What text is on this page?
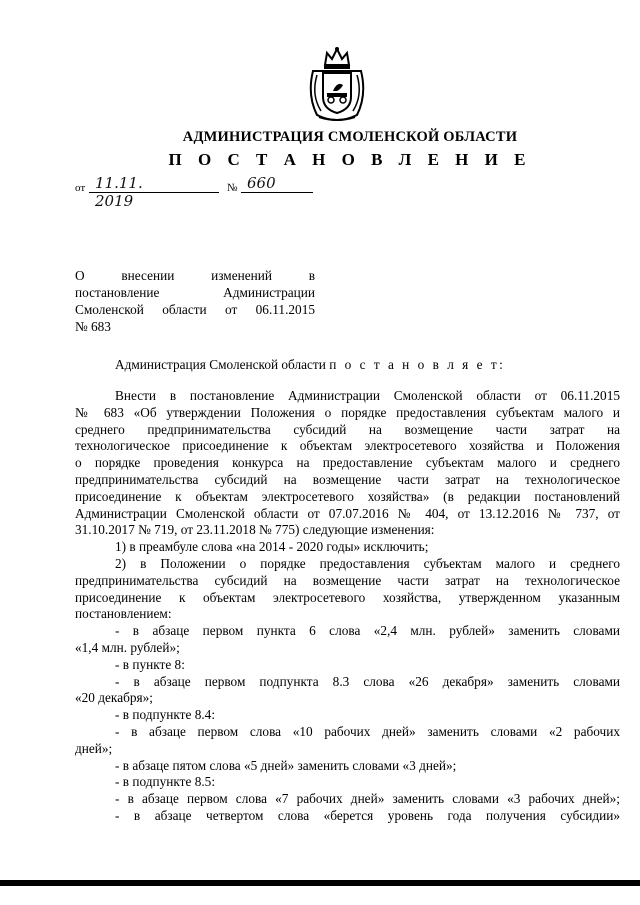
АДМИНИСТРАЦИЯ СМОЛЕНСКОЙ ОБЛАСТИ
П О С Т А Н О В Л Е Н И Е
от 11.11. 2019
№ 660
О	внесении	изменений	в
постановление	Администрации
Смоленской области от 06.11.2015
№ 683
Администрация Смоленской области п о с т а н о в л я е т:
Внести в постановление Администрации Смоленской области от 06.11.2015
№ 683 «Об утверждении Положения о порядке предоставления субъектам малого и
среднего предпринимательства субсидий на возмещение части затрат на
технологическое присоединение к объектам электросетевого хозяйства и Положения
о порядке проведения конкурса на предоставление субъектам малого и среднего
предпринимательства субсидий на возмещение части затрат на технологическое
присоединение к объектам электросетевого хозяйства» (в редакции постановлений
Администрации Смоленской области от 07.07.2016 № 404, от 13.12.2016 № 737, от
31.10.2017 № 719, от 23.11.2018 № 775) следующие изменения:
1) в преамбуле слова «на 2014 - 2020 годы» исключить;
2) в Положении о порядке предоставления субъектам малого и среднего
предпринимательства субсидий на возмещение части затрат на технологическое
присоединение к объектам электросетевого хозяйства, утвержденном указанным
постановлением:
- в абзаце первом пункта 6 слова «2,4 млн. рублей» заменить словами
«1,4 млн. рублей»;
- в пункте 8:
- в абзаце первом подпункта 8.3 слова «26 декабря» заменить словами
«20 декабря»;
- в подпункте 8.4:
- в абзаце первом слова «10 рабочих дней» заменить словами «2 рабочих
дней»;
- в абзаце пятом слова «5 дней» заменить словами «3 дней»;
- в подпункте 8.5:
- в абзаце первом слова «7 рабочих дней» заменить словами «3 рабочих дней»;
- в абзаце четвертом слова «берется уровень года получения субсидии»
